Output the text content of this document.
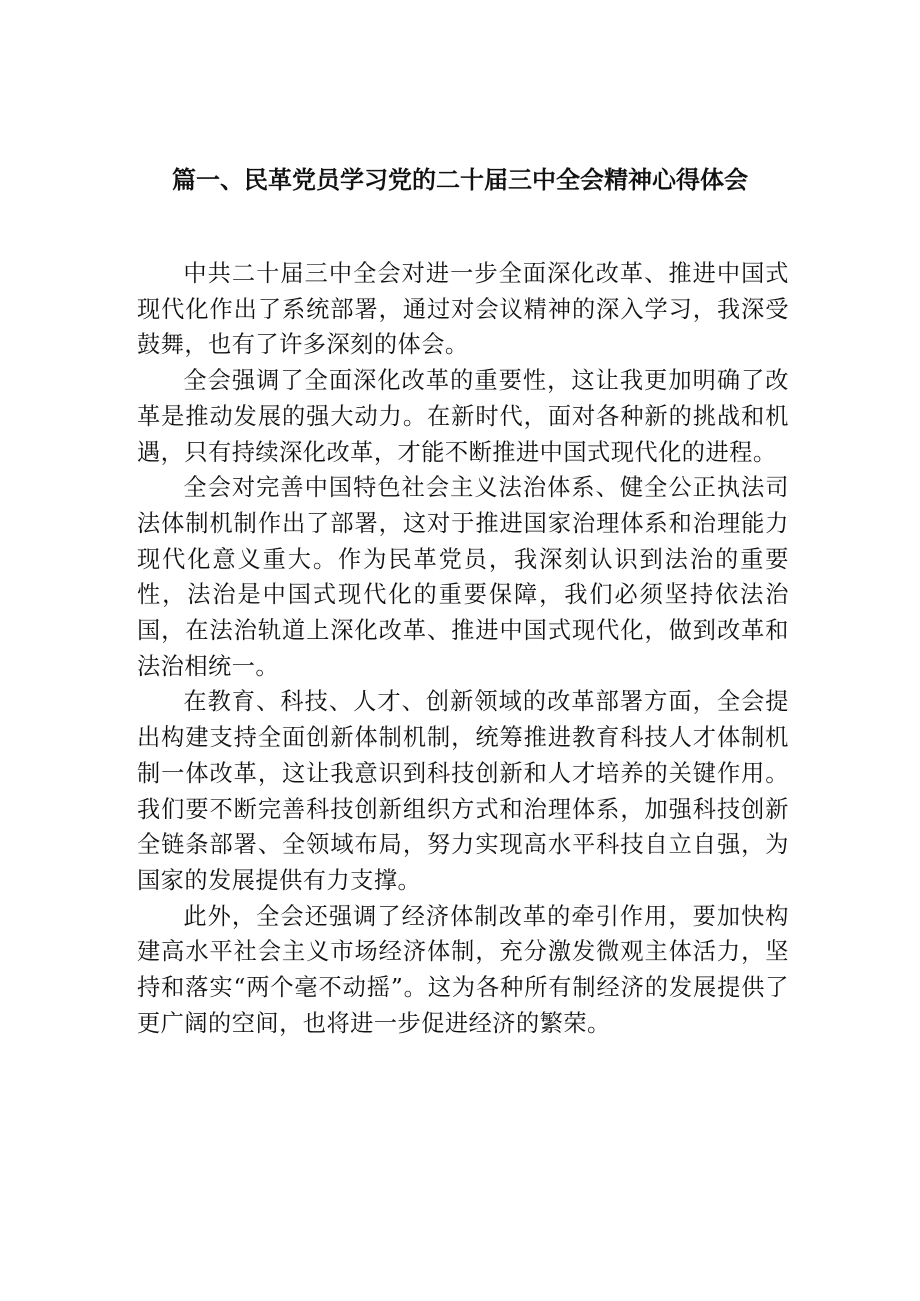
篇一、民革党员学习党的二十届三中全会精神心得体会

中共二十届三中全会对进一步全面深化改革、推进中国式现代化作出了系统部署，通过对会议精神的深入学习，我深受鼓舞，也有了许多深刻的体会。

全会强调了全面深化改革的重要性，这让我更加明确了改革是推动发展的强大动力。在新时代，面对各种新的挑战和机遇，只有持续深化改革，才能不断推进中国式现代化的进程。

全会对完善中国特色社会主义法治体系、健全公正执法司法体制机制作出了部署，这对于推进国家治理体系和治理能力现代化意义重大。作为民革党员，我深刻认识到法治的重要性，法治是中国式现代化的重要保障，我们必须坚持依法治国，在法治轨道上深化改革、推进中国式现代化，做到改革和法治相统一。

在教育、科技、人才、创新领域的改革部署方面，全会提出构建支持全面创新体制机制，统筹推进教育科技人才体制机制一体改革，这让我意识到科技创新和人才培养的关键作用。我们要不断完善科技创新组织方式和治理体系，加强科技创新全链条部署、全领域布局，努力实现高水平科技自立自强，为国家的发展提供有力支撑。

此外，全会还强调了经济体制改革的牵引作用，要加快构建高水平社会主义市场经济体制，充分激发微观主体活力，坚持和落实“两个毫不动摇”。这为各种所有制经济的发展提供了更广阔的空间，也将进一步促进经济的繁荣。
